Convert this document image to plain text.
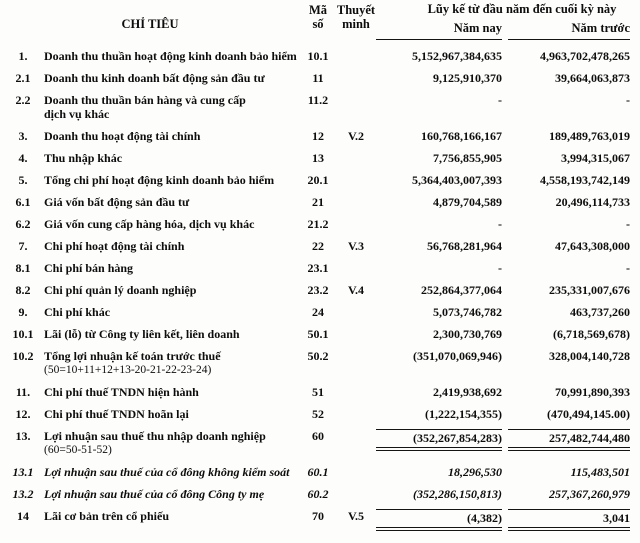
CHỈ TIÊU
Mã
số
Thuyết
minh
Lũy kế từ đầu năm đến cuối kỳ này
Năm nay	Năm trước
1.	Doanh thu thuần hoạt động kinh doanh bảo hiểm 10.1	5,152,967,384,635	4,963,702,478,265
2.1	Doanh thu kinh doanh bất động sản đầu tư	11	9,125,910,370	39,664,063,873
2.2	Doanh thu thuần bán hàng và cung cấp
dịch vụ khác
11.2	-	-
3.	Doanh thu hoạt động tài chính	12	V.2	160,768,166,167	189,489,763,019
4.	Thu nhập khác	13	7,756,855,905	3,994,315,067
5.	Tổng chi phí hoạt động kinh doanh bảo hiểm	20.1	5,364,403,007,393	4,558,193,742,149
6.1	Giá vốn bất động sản đầu tư	21	4,879,704,589	20,496,114,733
6.2	Giá vốn cung cấp hàng hóa, dịch vụ khác	21.2	-	-
7.	Chi phí hoạt động tài chính	22	V.3	56,768,281,964	47,643,308,000
8.1	Chi phí bán hàng	23.1	-	-
8.2	Chi phí quản lý doanh nghiệp	23.2	V.4	252,864,377,064	235,331,007,676
9.	Chi phí khác	24	5,073,746,782	463,737,260
10.1 Lãi (lỗ) từ Công ty liên kết, liên doanh	50.1	2,300,730,769	(6,718,569,678)
10.2 Tổng lợi nhuận kế toán trước thuế
(50=10+11+12+13-20-21-22-23-24)
50.2	(351,070,069,946)	328,004,140,728
11.	Chi phí thuế TNDN hiện hành	51	2,419,938,692	70,991,890,393
12.	Chi phí thuế TNDN hoãn lại	52	(1,222,154,355)	(470,494,145.00)
13.	Lợi nhuận sau thuế thu nhập doanh nghiệp
(60=50-51-52)
60	(352,267,854,283)	257,482,744,480
13.1 Lợi nhuận sau thuế của cổ đông không kiểm soát	60.1	18,296,530	115,483,501
13.2 Lợi nhuận sau thuế của cổ đông Công ty mẹ	60.2	(352,286,150,813)	257,367,260,979
14	Lãi cơ bản trên cổ phiếu	70	V.5	(4,382)	3,041
